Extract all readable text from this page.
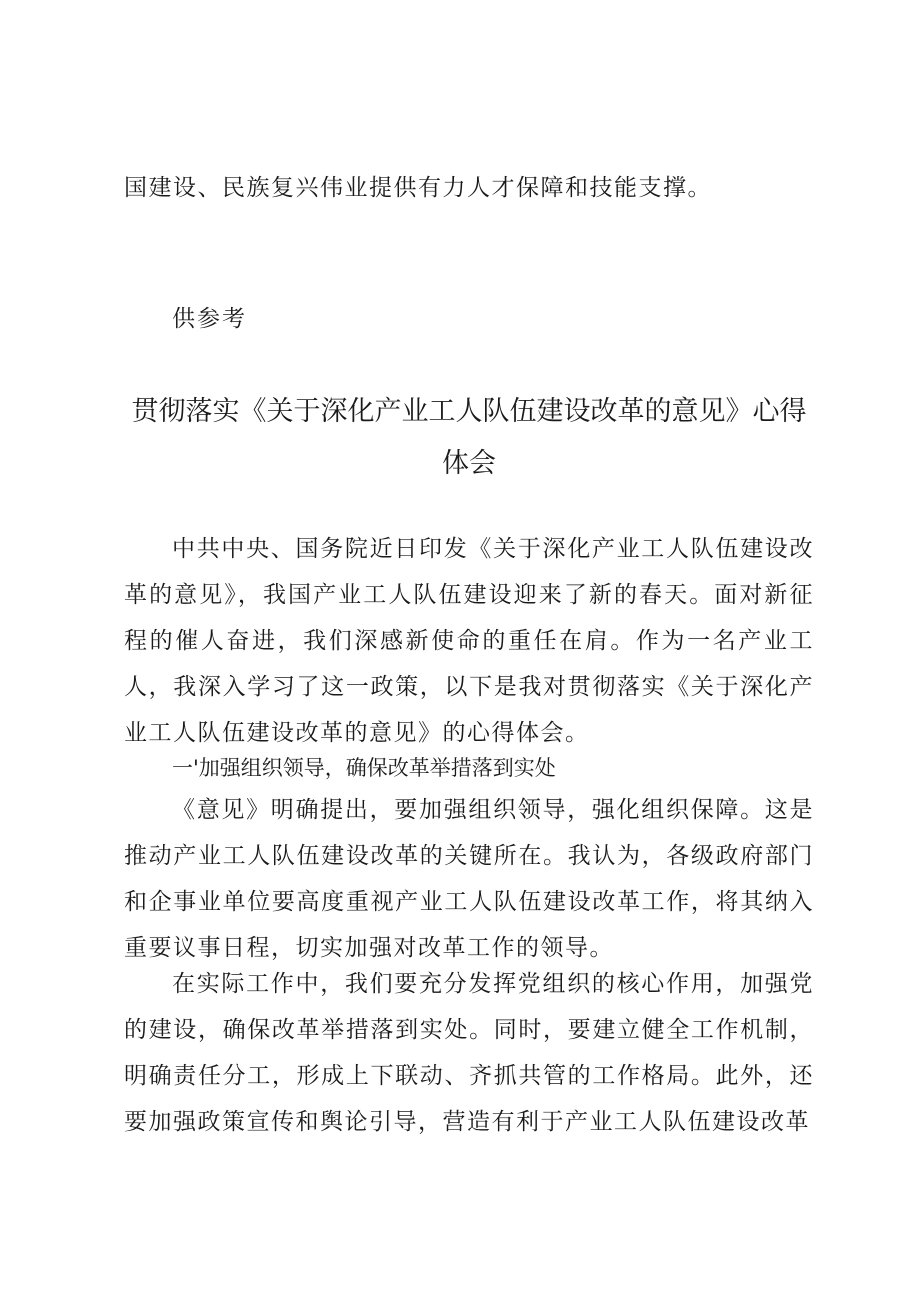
国建设、民族复兴伟业提供有力人才保障和技能支撑。

供参考

贯彻落实《关于深化产业工人队伍建设改革的意见》心得体会

中共中央、国务院近日印发《关于深化产业工人队伍建设改革的意见》，我国产业工人队伍建设迎来了新的春天。面对新征程的催人奋进，我们深感新使命的重任在肩。作为一名产业工人，我深入学习了这一政策，以下是我对贯彻落实《关于深化产业工人队伍建设改革的意见》的心得体会。

一'加强组织领导，确保改革举措落到实处

《意见》明确提出，要加强组织领导，强化组织保障。这是推动产业工人队伍建设改革的关键所在。我认为，各级政府部门和企事业单位要高度重视产业工人队伍建设改革工作，将其纳入重要议事日程，切实加强对改革工作的领导。

在实际工作中，我们要充分发挥党组织的核心作用，加强党的建设，确保改革举措落到实处。同时，要建立健全工作机制，明确责任分工，形成上下联动、齐抓共管的工作格局。此外，还要加强政策宣传和舆论引导，营造有利于产业工人队伍建设改革
